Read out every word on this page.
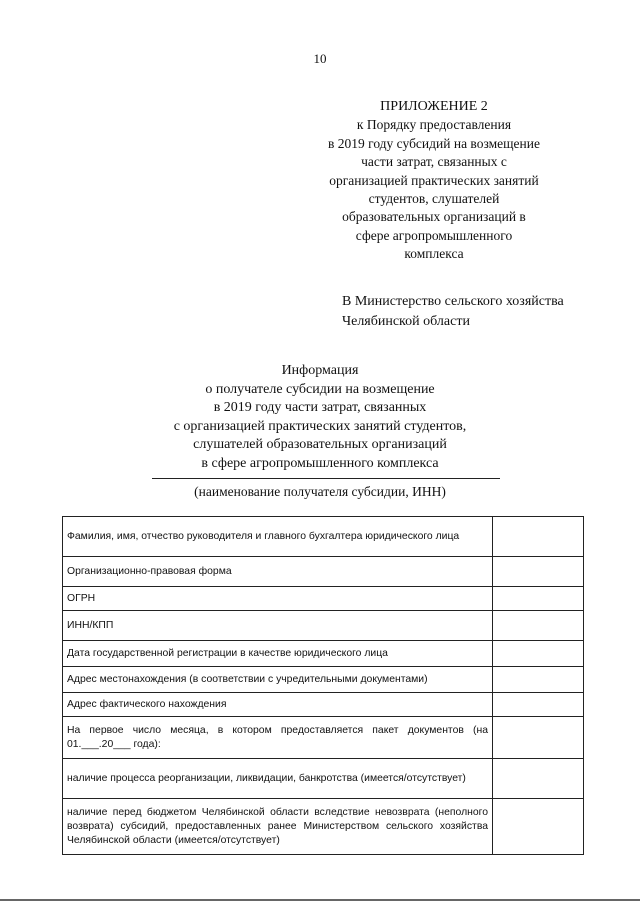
10
ПРИЛОЖЕНИЕ 2
к Порядку предоставления
в 2019 году субсидий на возмещение
части затрат, связанных с
организацией практических занятий
студентов, слушателей
образовательных организаций в
сфере агропромышленного
комплекса
В Министерство сельского хозяйства
Челябинской области
Информация
о получателе субсидии на возмещение
в 2019 году части затрат, связанных
с организацией практических занятий студентов,
слушателей образовательных организаций
в сфере агропромышленного комплекса
(наименование получателя субсидии, ИНН)
Фамилия, имя, отчество руководителя и главного бухгалтера юридического лица	
Организационно-правовая форма	
ОГРН	
ИНН/КПП	
Дата государственной регистрации в качестве юридического лица	
Адрес местонахождения (в соответствии с учредительными документами)	
Адрес фактического нахождения	
На первое число месяца, в котором предоставляется пакет документов (на 01.___.20___ года):	
наличие процесса реорганизации, ликвидации, банкротства (имеется/отсутствует)	
наличие перед бюджетом Челябинской области вследствие невозврата (неполного возврата) субсидий, предоставленных ранее Министерством сельского хозяйства Челябинской области (имеется/отсутствует)	
